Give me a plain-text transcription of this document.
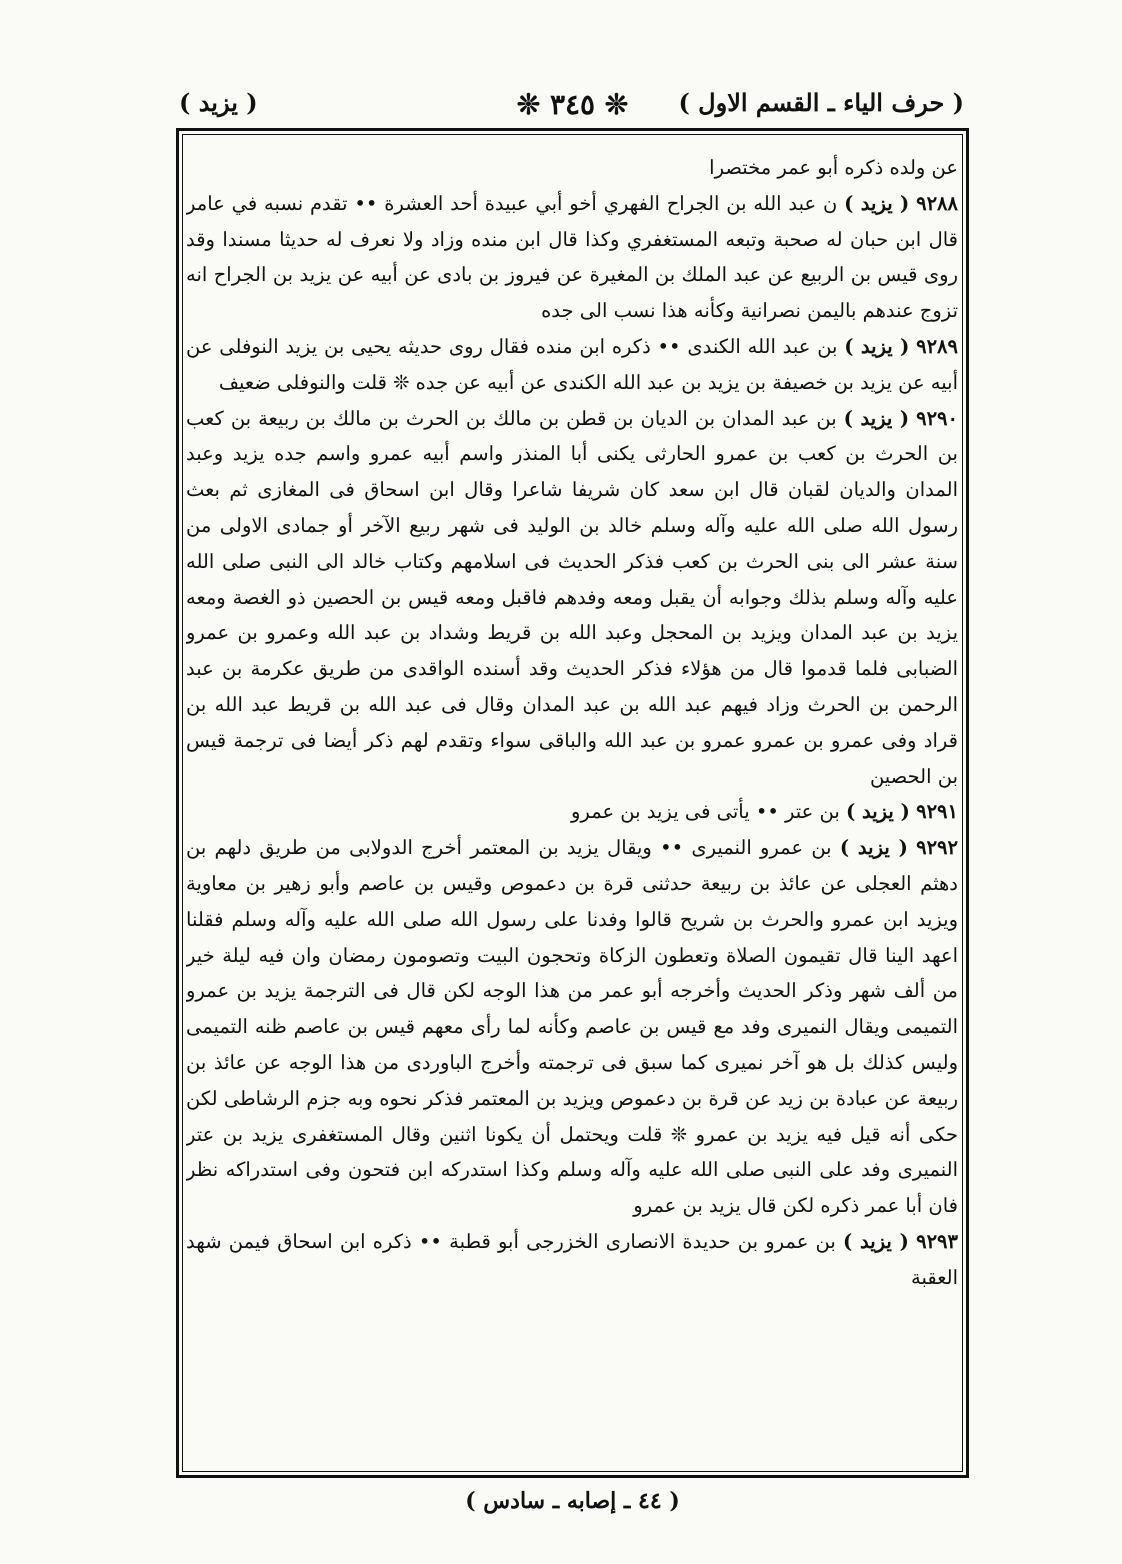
( حرف الياء ـ القسم الاول )
❊ ٣٤٥ ❊
( يزيد )

عن ولده ذكره أبو عمر مختصرا

٩٢٨٨ ( يزيد ) ن عبد الله بن الجراح الفهري أخو أبي عبيدة أحد العشرة •• تقدم نسبه في عامر قال ابن حبان له صحبة وتبعه المستغفري وكذا قال ابن منده وزاد ولا نعرف له حديثا مسندا وقد روى قيس بن الربيع عن عبد الملك بن المغيرة عن فيروز بن بادى عن أبيه عن يزيد بن الجراح انه تزوج عندهم باليمن نصرانية وكأنه هذا نسب الى جده

٩٢٨٩ ( يزيد ) بن عبد الله الكندى •• ذكره ابن منده فقال روى حديثه يحيى بن يزيد النوفلى عن أبيه عن يزيد بن خصيفة بن يزيد بن عبد الله الكندى عن أبيه عن جده ❊ قلت والنوفلى ضعيف

٩٢٩٠ ( يزيد ) بن عبد المدان بن الديان بن قطن بن مالك بن الحرث بن مالك بن ربيعة بن كعب بن الحرث بن كعب بن عمرو الحارثى يكنى أبا المنذر واسم أبيه عمرو واسم جده يزيد وعبد المدان والديان لقبان قال ابن سعد كان شريفا شاعرا وقال ابن اسحاق فى المغازى ثم بعث رسول الله صلى الله عليه وآله وسلم خالد بن الوليد فى شهر ربيع الآخر أو جمادى الاولى من سنة عشر الى بنى الحرث بن كعب فذكر الحديث فى اسلامهم وكتاب خالد الى النبى صلى الله عليه وآله وسلم بذلك وجوابه أن يقبل ومعه وفدهم فاقبل ومعه قيس بن الحصين ذو الغصة ومعه يزيد بن عبد المدان ويزيد بن المحجل وعبد الله بن قريط وشداد بن عبد الله وعمرو بن عمرو الضبابى فلما قدموا قال من هؤلاء فذكر الحديث وقد أسنده الواقدى من طريق عكرمة بن عبد الرحمن بن الحرث وزاد فيهم عبد الله بن عبد المدان وقال فى عبد الله بن قريط عبد الله بن قراد وفى عمرو بن عمرو عمرو بن عبد الله والباقى سواء وتقدم لهم ذكر أيضا فى ترجمة قيس بن الحصين

٩٢٩١ ( يزيد ) بن عتر •• يأتى فى يزيد بن عمرو

٩٢٩٢ ( يزيد ) بن عمرو النميرى •• ويقال يزيد بن المعتمر أخرج الدولابى من طريق دلهم بن دهثم العجلى عن عائذ بن ربيعة حدثنى قرة بن دعموص وقيس بن عاصم وأبو زهير بن معاوية ويزيد ابن عمرو والحرث بن شريح قالوا وفدنا على رسول الله صلى الله عليه وآله وسلم فقلنا اعهد الينا قال تقيمون الصلاة وتعطون الزكاة وتحجون البيت وتصومون رمضان وان فيه ليلة خير من ألف شهر وذكر الحديث وأخرجه أبو عمر من هذا الوجه لكن قال فى الترجمة يزيد بن عمرو التميمى ويقال النميرى وفد مع قيس بن عاصم وكأنه لما رأى معهم قيس بن عاصم ظنه التميمى وليس كذلك بل هو آخر نميرى كما سبق فى ترجمته وأخرج الباوردى من هذا الوجه عن عائذ بن ربيعة عن عبادة بن زيد عن قرة بن دعموص ويزيد بن المعتمر فذكر نحوه وبه جزم الرشاطى لكن حكى أنه قيل فيه يزيد بن عمرو ❊ قلت ويحتمل أن يكونا اثنين وقال المستغفرى يزيد بن عتر النميرى وفد على النبى صلى الله عليه وآله وسلم وكذا استدركه ابن فتحون وفى استدراكه نظر فان أبا عمر ذكره لكن قال يزيد بن عمرو

٩٢٩٣ ( يزيد ) بن عمرو بن حديدة الانصارى الخزرجى أبو قطبة •• ذكره ابن اسحاق فيمن شهد العقبة

( ٤٤ ـ إصابه ـ سادس )
